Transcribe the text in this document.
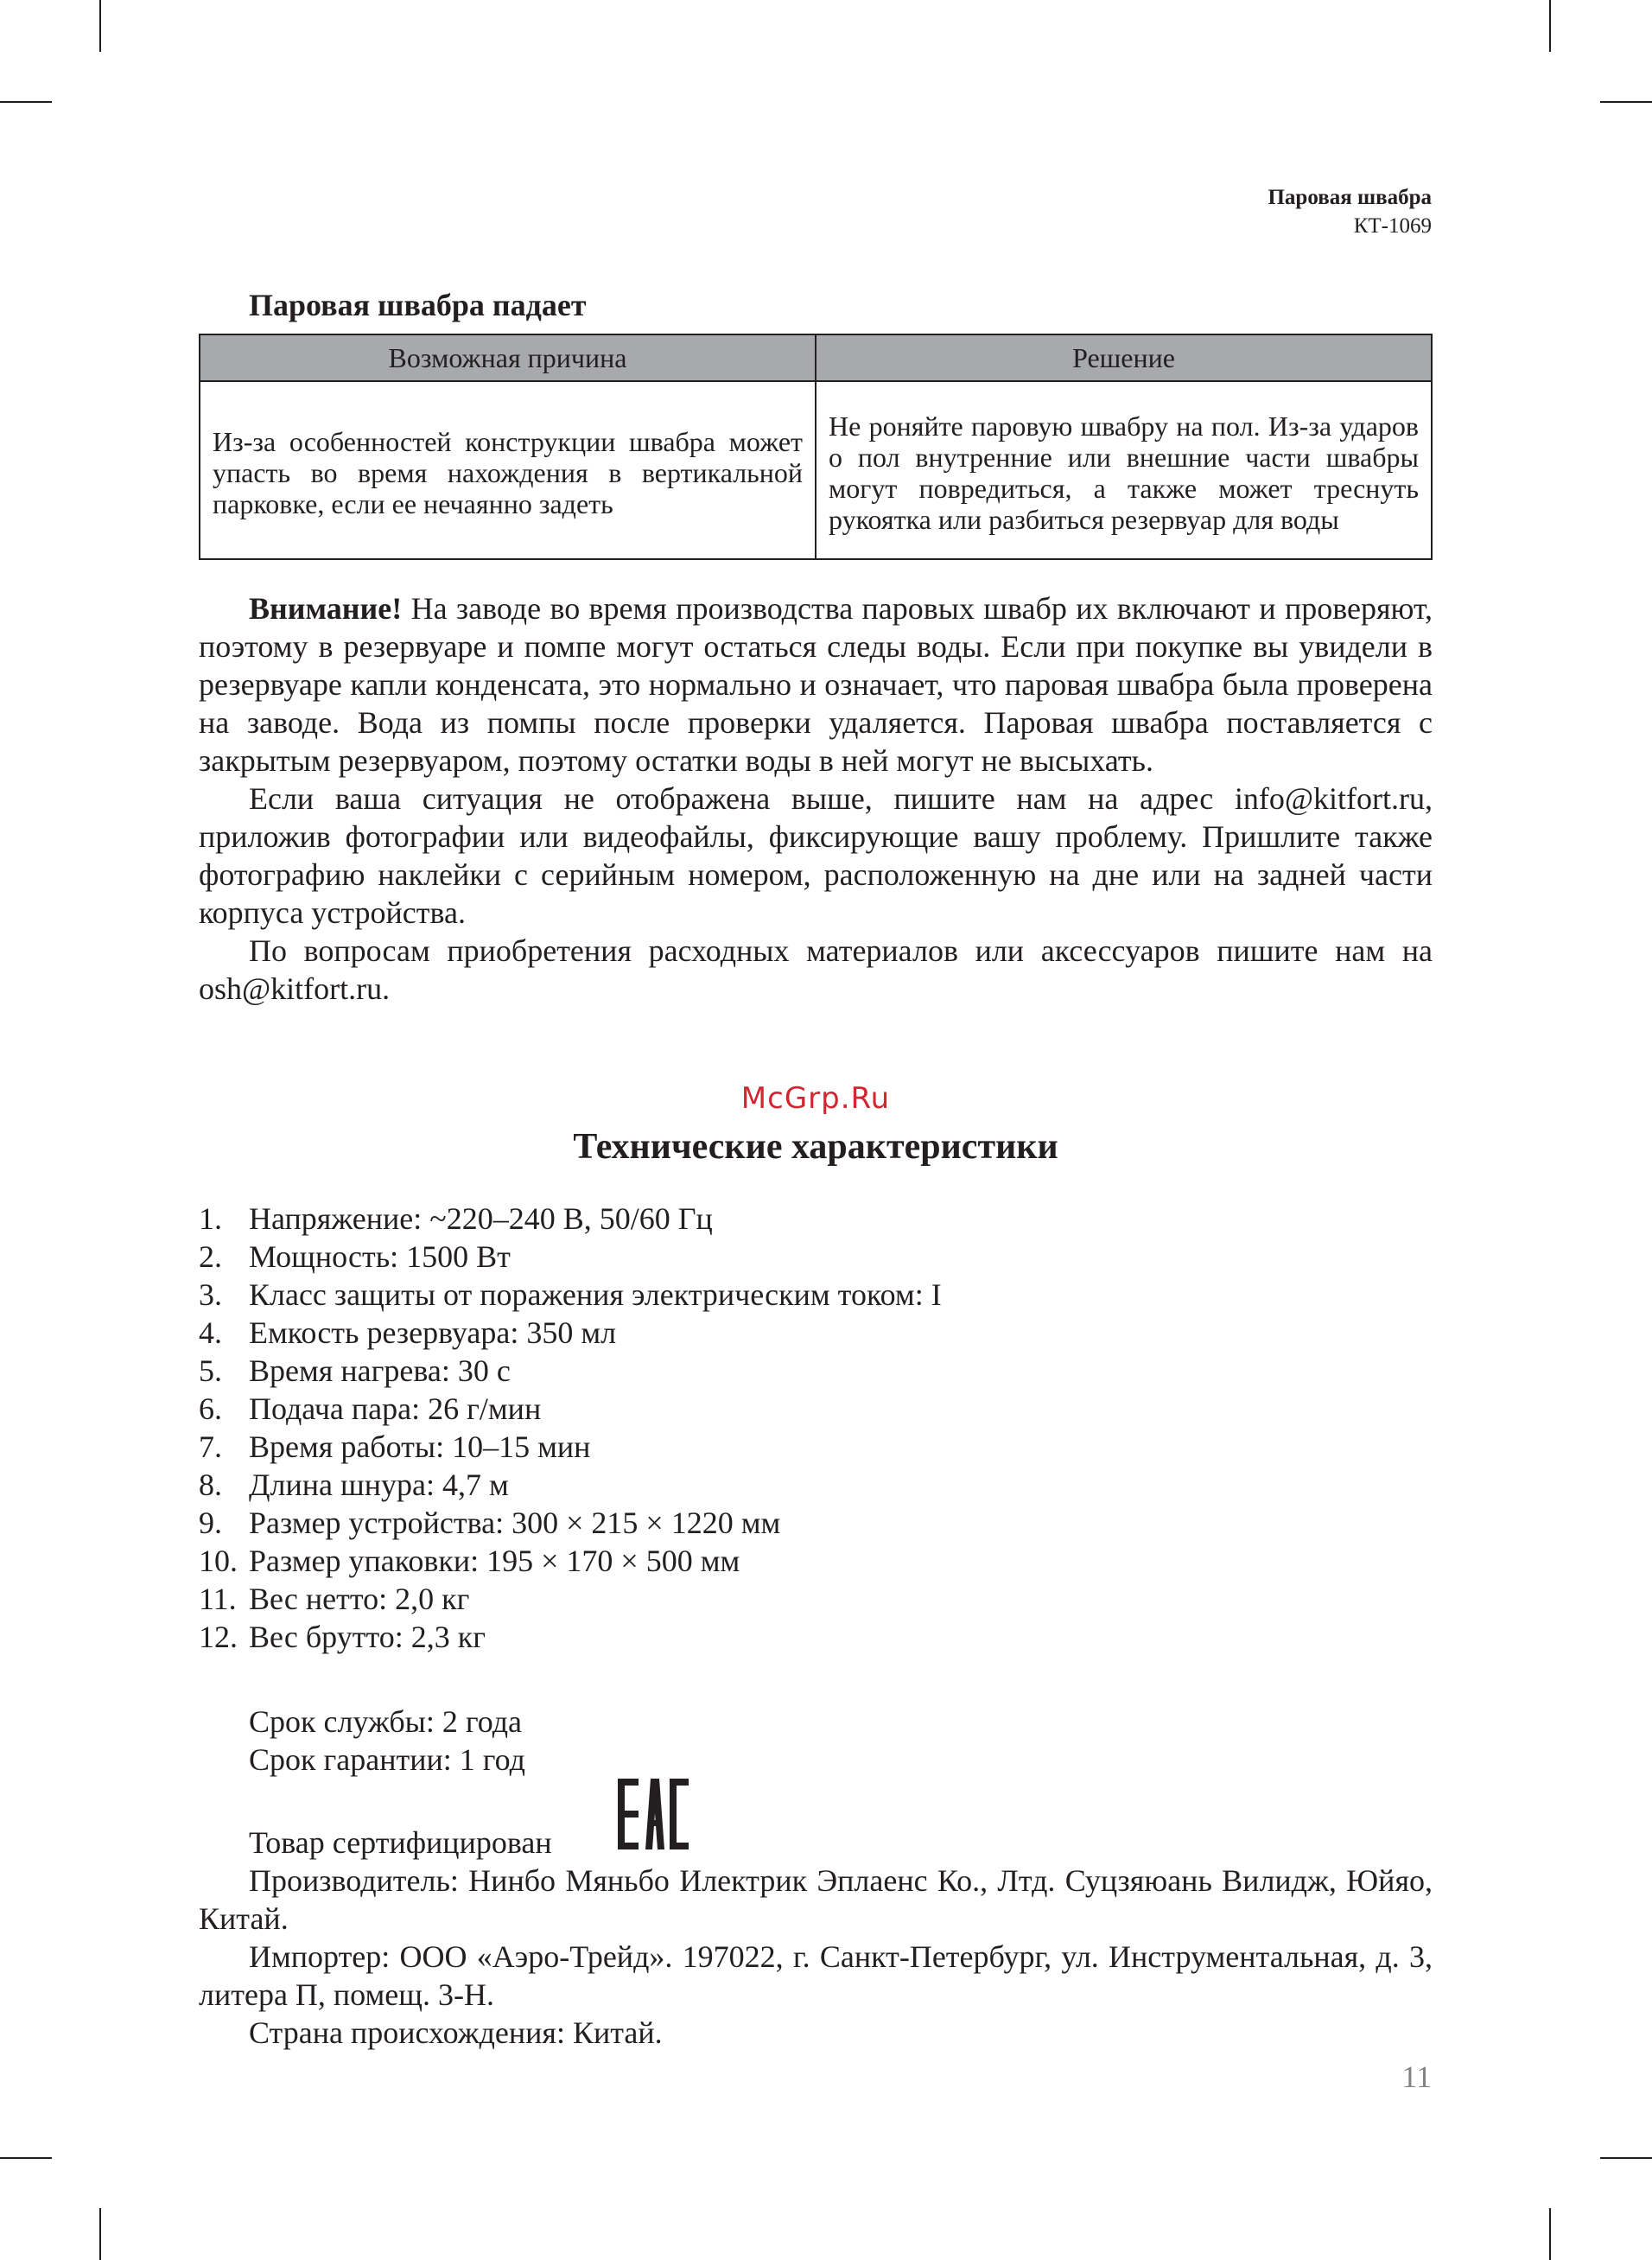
Паровая швабра
КТ-1069
Паровая швабра падает
Возможная причина	Решение
Из-за особенностей конструкции швабра может упасть во время нахождения в вертикальной парковке, если ее нечаянно задеть	Не роняйте паровую швабру на пол. Из-за ударов о пол внутренние или внешние части швабры могут повредиться, а также может треснуть рукоятка или разбиться резервуар для воды

Внимание! На заводе во время производства паровых швабр их включают и проверяют, поэтому в резервуаре и помпе могут остаться следы воды. Если при покупке вы увидели в резервуаре капли конденсата, это нормально и означает, что паровая швабра была проверена на заводе. Вода из помпы после проверки удаляется. Паровая швабра поставляется с закрытым резервуаром, поэтому остатки воды в ней могут не высыхать.

Если ваша ситуация не отображена выше, пишите нам на адрес info@kitfort.ru, приложив фотографии или видеофайлы, фиксирующие вашу проблему. Пришлите также фотографию наклейки с серийным номером, расположенную на дне или на задней части корпуса устройства.

По вопросам приобретения расходных материалов или аксессуаров пишите нам на osh@kitfort.ru.

McGrp.Ru
Технические характеристики
1. Напряжение: ~220–240 В, 50/60 Гц
2. Мощность: 1500 Вт
3. Класс защиты от поражения электрическим током: I
4. Емкость резервуара: 350 мл
5. Время нагрева: 30 с
6. Подача пара: 26 г/мин
7. Время работы: 10–15 мин
8. Длина шнура: 4,7 м
9. Размер устройства: 300 × 215 × 1220 мм
10. Размер упаковки: 195 × 170 × 500 мм
11. Вес нетто: 2,0 кг
12. Вес брутто: 2,3 кг

Срок службы: 2 года

Срок гарантии: 1 год

Товар сертифицирован

Производитель: Нинбо Мяньбо Илектрик Эплаенс Ко., Лтд. Суцзяюань Вилидж, Юйяо, Китай.

Импортер: ООО «Аэро-Трейд». 197022, г. Санкт-Петербург, ул. Инструментальная, д. 3, литера П, помещ. 3-Н.

Страна происхождения: Китай.

11
